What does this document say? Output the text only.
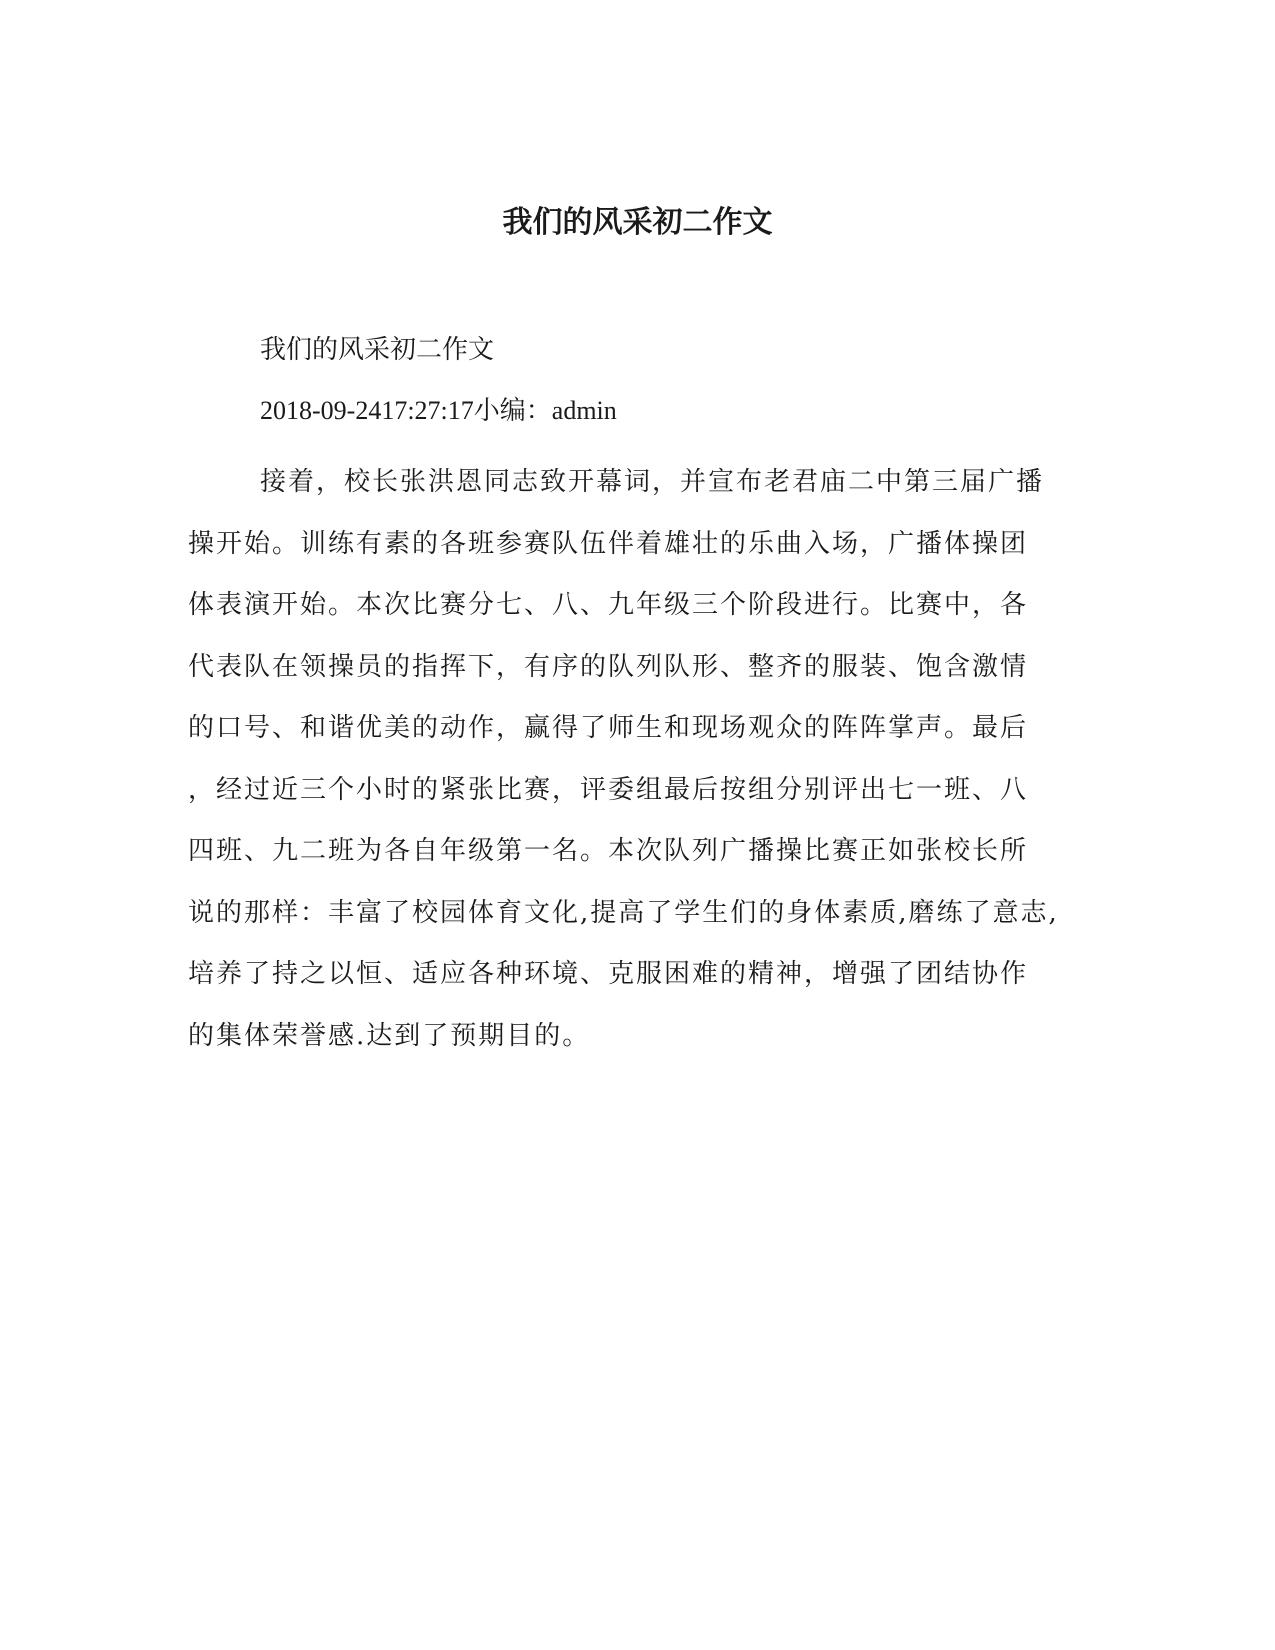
我们的风采初二作文

我们的风采初二作文

2018-09-2417:27:17小编：admin

接着，校长张洪恩同志致开幕词，并宣布老君庙二中第三届广播
操开始。训练有素的各班参赛队伍伴着雄壮的乐曲入场，广播体操团
体表演开始。本次比赛分七、八、九年级三个阶段进行。比赛中，各
代表队在领操员的指挥下，有序的队列队形、整齐的服装、饱含激情
的口号、和谐优美的动作，赢得了师生和现场观众的阵阵掌声。最后
，经过近三个小时的紧张比赛，评委组最后按组分别评出七一班、八
四班、九二班为各自年级第一名。本次队列广播操比赛正如张校长所
说的那样：丰富了校园体育文化,提高了学生们的身体素质,磨练了意志,
培养了持之以恒、适应各种环境、克服困难的精神，增强了团结协作
的集体荣誉感.达到了预期目的。
